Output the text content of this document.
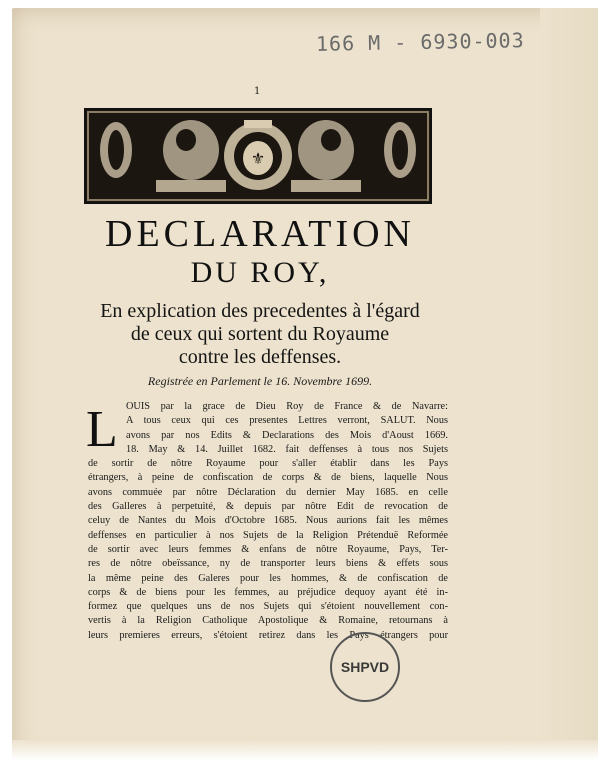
166 M - 6930-003
1
⚜
DECLARATION
DU ROY,
En explication des precedentes à l'égard
de ceux qui sortent du Royaume
contre les deffenses.
Registrée en Parlement le 16. Novembre 1699.
L OUIS par la grace de Dieu Roy de France & de Navarre:
A tous ceux qui ces presentes Lettres verront, SALUT. Nous
avons par nos Edits & Declarations des Mois d'Aoust 1669.
18. May & 14. Juillet 1682. fait deffenses à tous nos Sujets
de sortir de nôtre Royaume pour s'aller établir dans les Pays
étrangers, à peine de confiscation de corps & de biens, laquelle Nous
avons commuée par nôtre Déclaration du dernier May 1685. en celle
des Galleres à perpetuité, & depuis par nôtre Edit de revocation de
celuy de Nantes du Mois d'Octobre 1685. Nous aurions fait les mêmes
deffenses en particulier à nos Sujets de la Religion Prétenduë Reformée
de sortir avec leurs femmes & enfans de nôtre Royaume, Pays, Ter-
res de nôtre obeïssance, ny de transporter leurs biens & effets sous
la même peine des Galeres pour les hommes, & de confiscation de
corps & de biens pour les femmes, au préjudice dequoy ayant été in-
formez que quelques uns de nos Sujets qui s'étoient nouvellement con-
vertis à la Religion Catholique Apostolique & Romaine, retournans à
leurs premieres erreurs, s'étoient retirez dans les Pays étrangers pour
SHPVD
